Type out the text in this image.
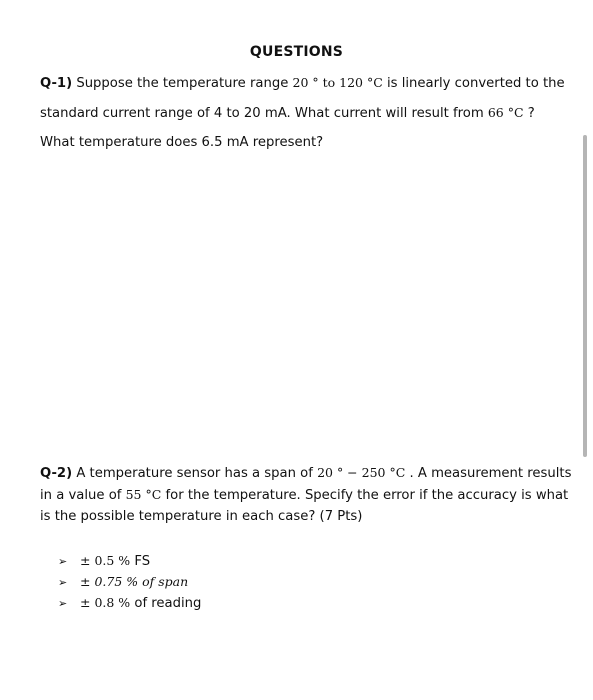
QUESTIONS
Q-1) Suppose the temperature range 20 ° to 120 °C is linearly converted to the
standard current range of 4 to 20 mA. What current will result from 66 °C ?
What temperature does 6.5 mA represent?
Q-2) A temperature sensor has a span of 20 ° − 250 °C . A measurement results
in a value of 55 °C for the temperature. Specify the error if the accuracy is what
is the possible temperature in each case? (7 Pts)
➢ ± 0.5 % FS
➢ ± 0.75 % of span
➢ ± 0.8 % of reading
